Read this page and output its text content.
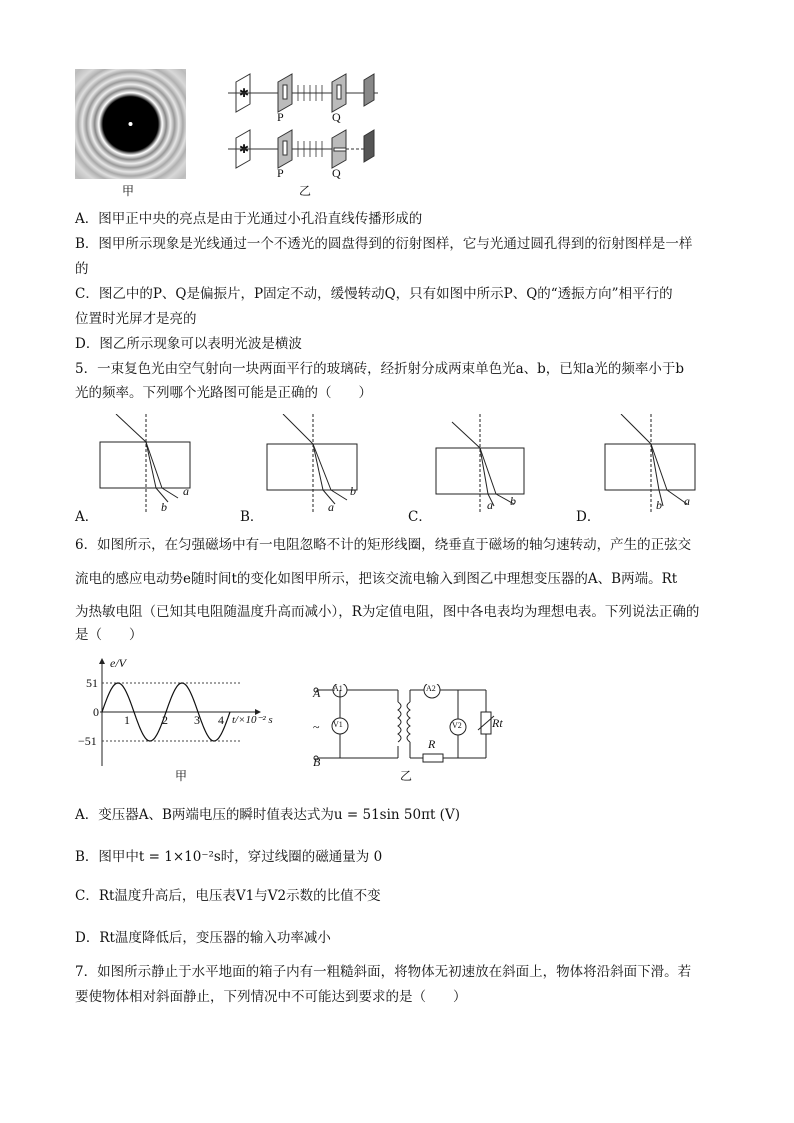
甲
✱
✱
P	Q
P	Q
乙
A．图甲正中央的亮点是由于光通过小孔沿直线传播形成的
B．图甲所示现象是光线通过一个不透光的圆盘得到的衍射图样，它与光通过圆孔得到的衍射图样是一样
的
C．图乙中的P、Q是偏振片，P固定不动，缓慢转动Q，只有如图中所示P、Q的“透振方向”相平行的
位置时光屏才是亮的
D．图乙所示现象可以表明光波是横波
5．一束复色光由空气射向一块两面平行的玻璃砖，经折射分成两束单色光a、b，已知a光的频率小于b
光的频率。下列哪个光路图可能是正确的（　　）
a
b
b
a	a b	b a
A．	B．	C．	D．
6．如图所示，在匀强磁场中有一电阻忽略不计的矩形线圈，绕垂直于磁场的轴匀速转动，产生的正弦交
流电的感应电动势e随时间t的变化如图甲所示，把该交流电输入到图乙中理想变压器的A、B两端。Rt
为热敏电阻（已知其电阻随温度升高而减小），R为定值电阻，图中各电表均为理想电表。下列说法正确的
是（　　）
e/V
51
0
−51
1	2 3 4 t/×10⁻² s
甲
A
B
A1
V1
~
A2
V2
R
Rt
乙
A．变压器A、B两端电压的瞬时值表达式为u = 51sin 50πt (V)
B．图甲中t = 1×10⁻²s时，穿过线圈的磁通量为 0
C．Rt温度升高后，电压表V1与V2示数的比值不变
D．Rt温度降低后，变压器的输入功率减小
7．如图所示静止于水平地面的箱子内有一粗糙斜面，将物体无初速放在斜面上，物体将沿斜面下滑。若
要使物体相对斜面静止，下列情况中不可能达到要求的是（　　）
